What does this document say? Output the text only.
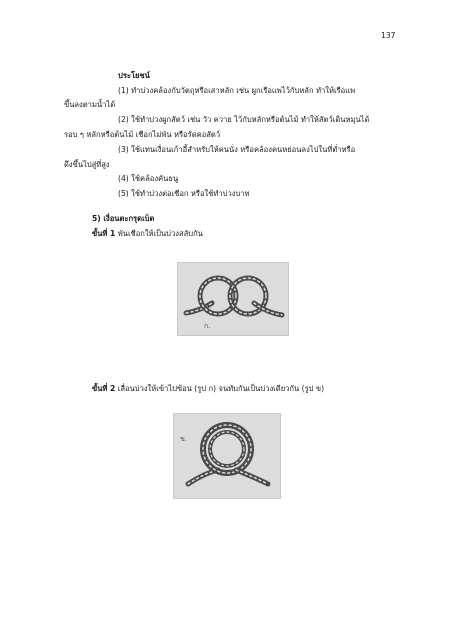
137
ประโยชน์
(1) ทำบ่วงคล้องกับวัตถุหรือเสาหลัก เช่น ผูกเรือแพไว้กับหลัก ทำให้เรือแพ
ขึ้นลงตามน้ำได้
(2) ใช้ทำบ่วงผูกสัตว์ เช่น วัว ควาย ไว้กับหลักหรือต้นไม้ ทำให้สัตว์เดินหมุนได้
รอบ ๆ หลักหรือต้นไม้ เชือกไม่พัน หรือรัดคอสัตว์
(3) ใช้แทนเงื่อนเก้าอี้สำหรับให้คนนั่ง หรือคล้องคนหย่อนลงไปในที่ต่ำหรือ
ดึงขึ้นไปสู่ที่สูง
(4) ใช้คล้องคันธนู
(5) ใช้ทำบ่วงต่อเชือก หรือใช้ทำบ่วงบาท
5) เงื่อนตะกรุดเบ็ด
ขั้นที่ 1 พันเชือกให้เป็นบ่วงสลับกัน
ก.
ขั้นที่ 2 เลื่อนบ่วงให้เข้าไปซ้อน (รูป ก) จนทับกันเป็นบ่วงเดียวกัน (รูป ข)
ข.
